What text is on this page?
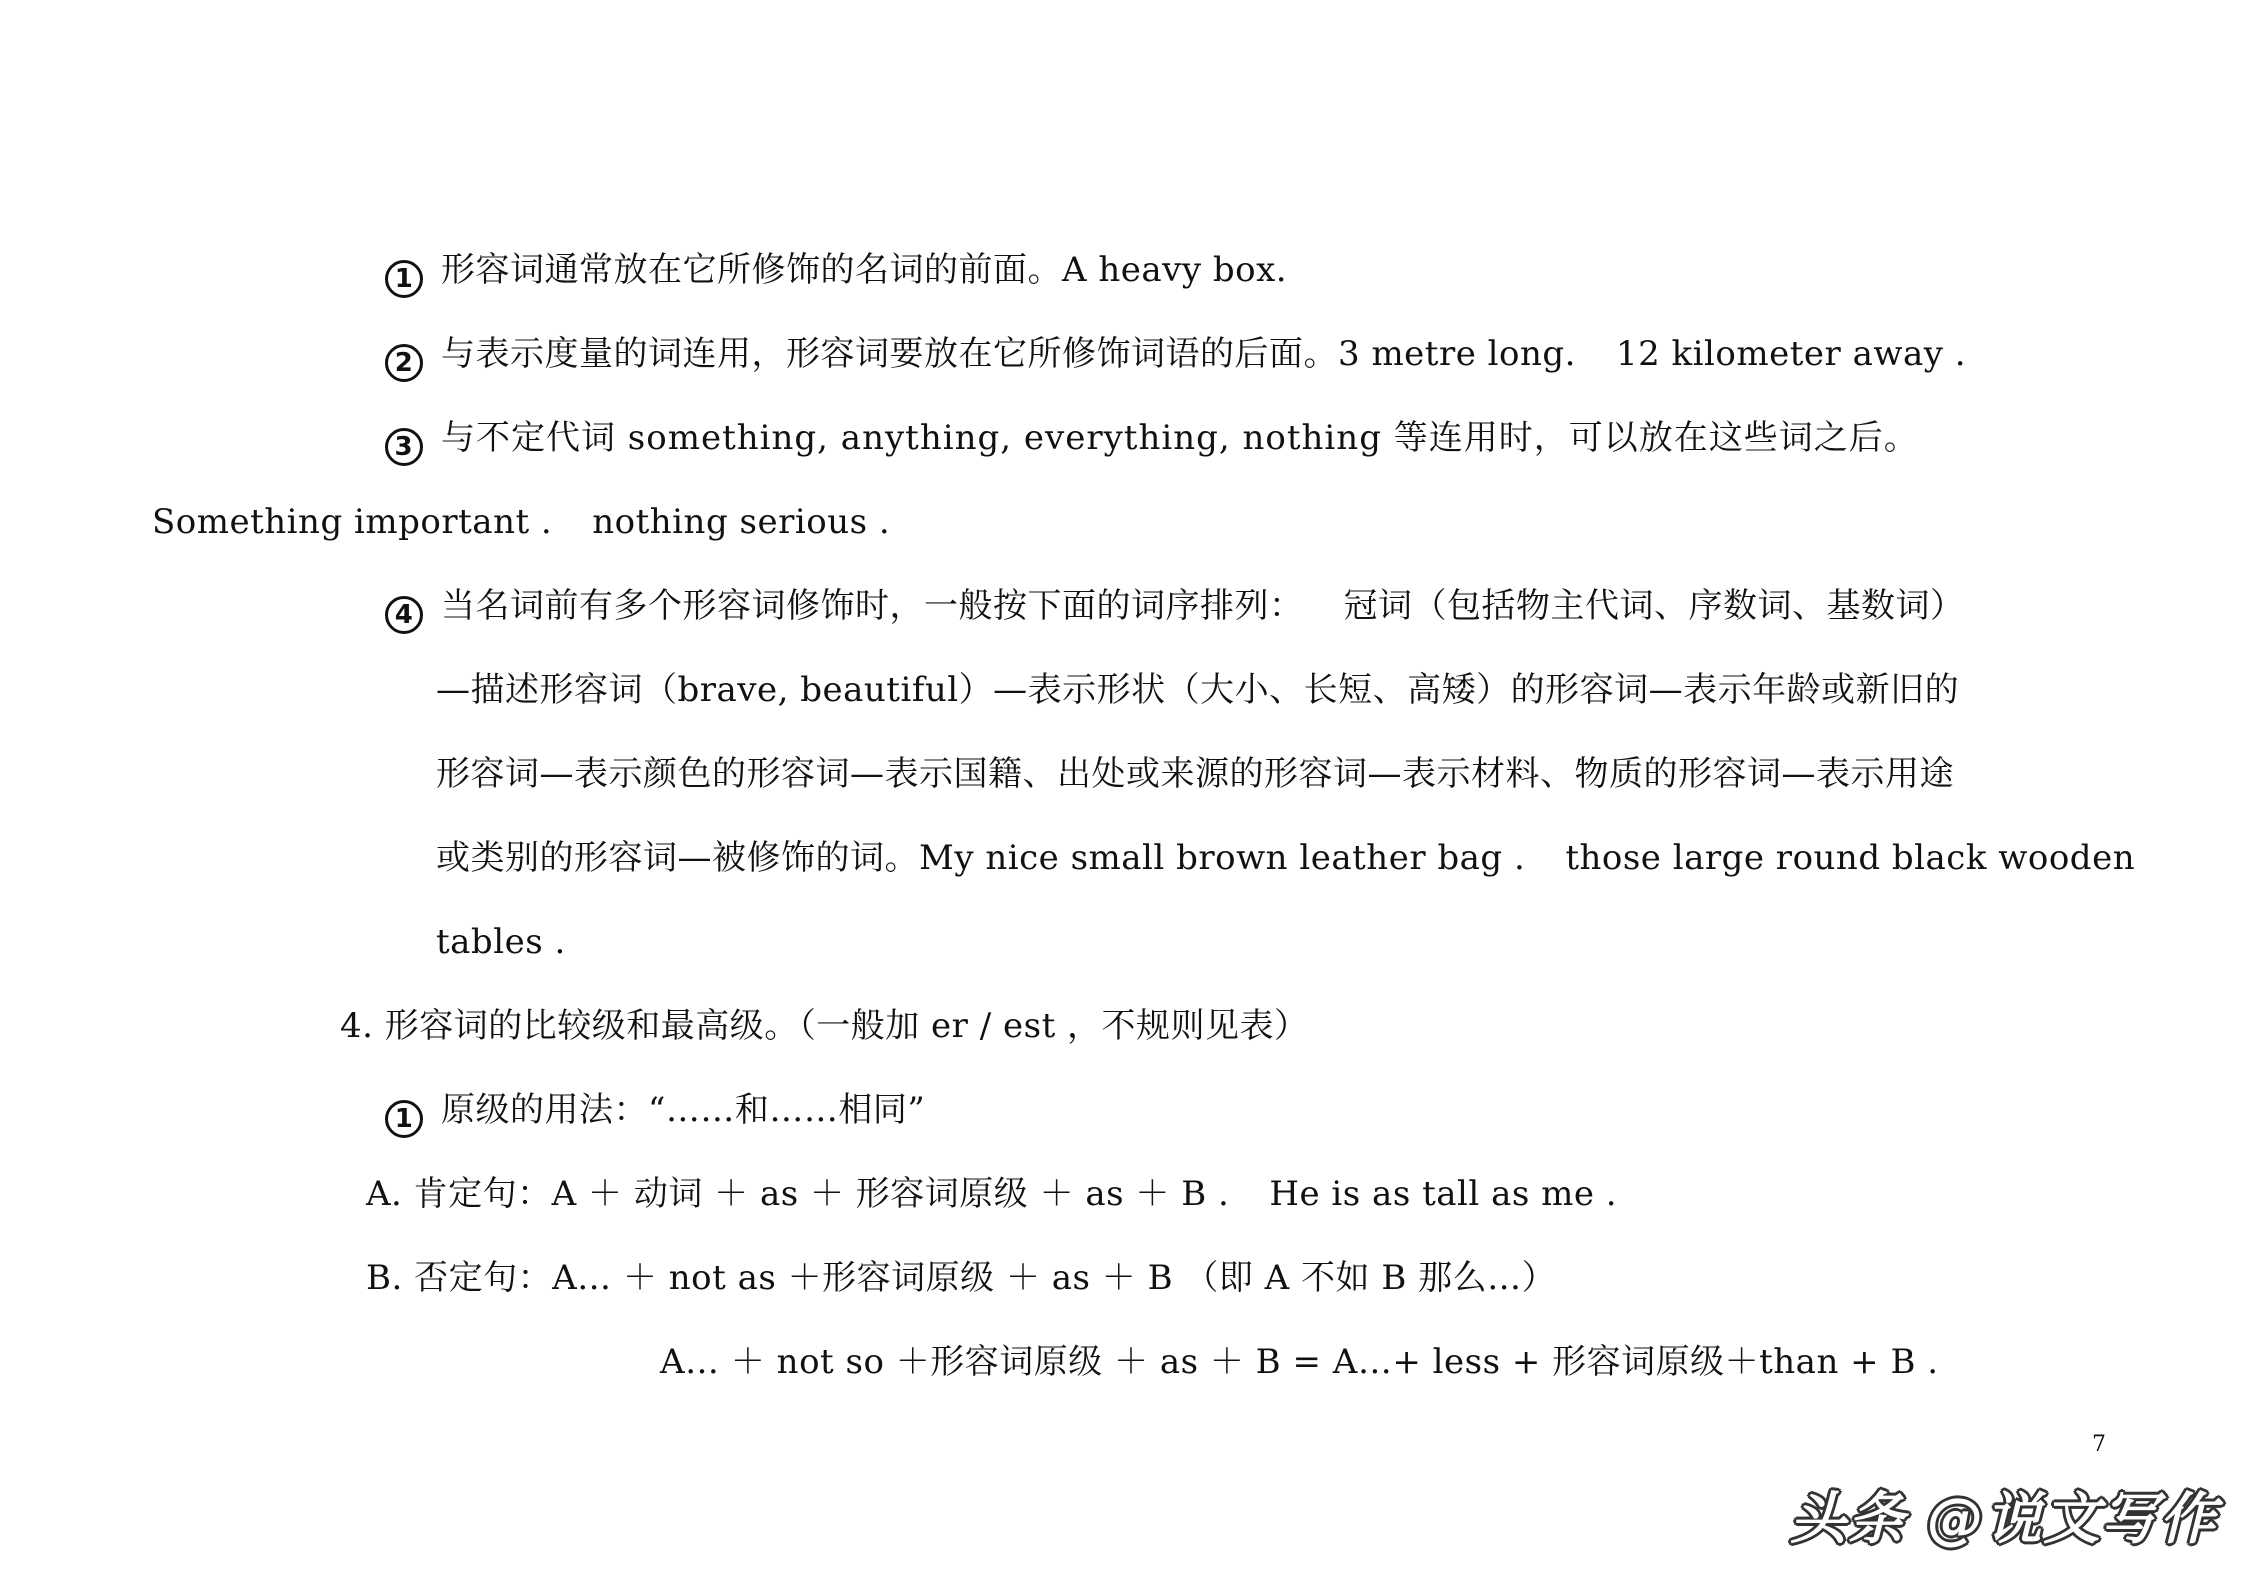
1 形容词通常放在它所修饰的名词的前面。A heavy box.
2 与表示度量的词连用，形容词要放在它所修饰词语的后面。3 metre long. 12 kilometer away .
3 与不定代词 something, anything, everything, nothing 等连用时，可以放在这些词之后。
Something important . nothing serious .
4 当名词前有多个形容词修饰时，一般按下面的词序排列： 冠词（包括物主代词、序数词、基数词）
—描述形容词（brave, beautiful）—表示形状（大小、长短、高矮）的形容词—表示年龄或新旧的
形容词—表示颜色的形容词—表示国籍、出处或来源的形容词—表示材料、物质的形容词—表示用途
或类别的形容词—被修饰的词。My nice small brown leather bag . those large round black wooden
tables .
4. 形容词的比较级和最高级。（一般加 er / est ，不规则见表）
1 原级的用法：“……和……相同”
A. 肯定句：A ＋ 动词 ＋ as ＋ 形容词原级 ＋ as ＋ B . He is as tall as me .
B. 否定句：A… ＋ not as ＋形容词原级 ＋ as ＋ B （即 A 不如 B 那么…）
A… ＋ not so ＋形容词原级 ＋ as ＋ B = A…+ less + 形容词原级＋than + B .
7
头条 @说文写作
